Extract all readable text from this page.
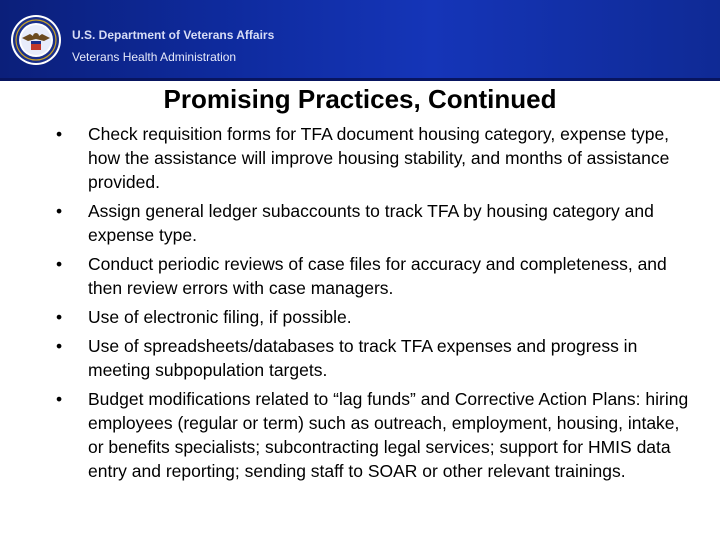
U.S. Department of Veterans Affairs
Veterans Health Administration
Promising Practices, Continued
•	Check requisition forms for TFA document housing category, expense type, how the assistance will improve housing stability, and months of assistance provided.
•	Assign general ledger subaccounts to track TFA by housing category and expense type.
•	Conduct periodic reviews of case files for accuracy and completeness, and then review errors with case managers.
•	Use of electronic filing, if possible.
•	Use of spreadsheets/databases to track TFA expenses and progress in meeting subpopulation targets.
•	Budget modifications related to “lag funds” and Corrective Action Plans: hiring employees (regular or term) such as outreach, employment, housing, intake, or benefits specialists; subcontracting legal services; support for HMIS data entry and reporting; sending staff to SOAR or other relevant trainings.
